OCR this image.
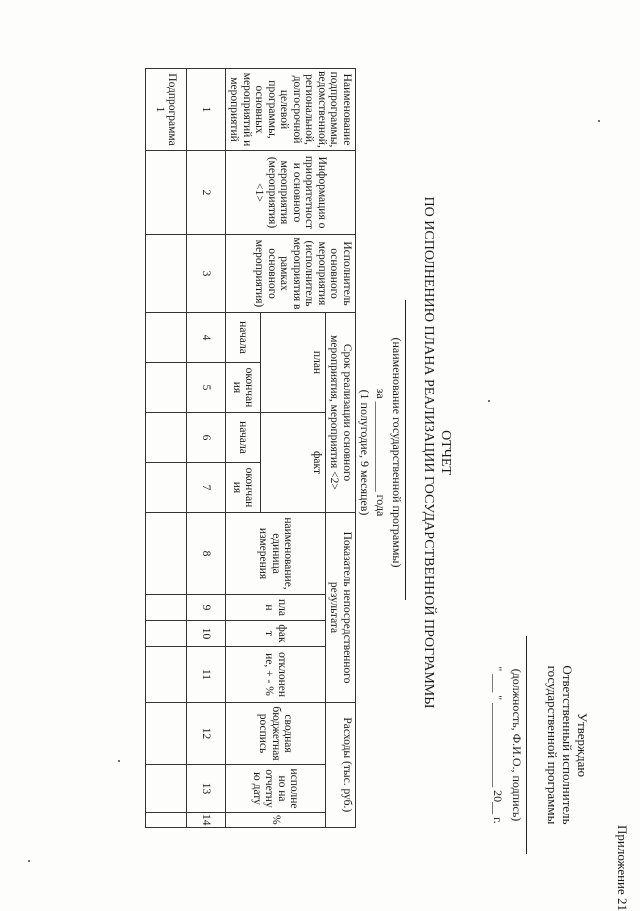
Приложение 21
Утверждаю
Ответственный исполнитель
государственной программы
(должность, Ф.И.О., подпись)
" ___ " ______________ 20__ г.
ОТЧЕТ
ПО ИСПОЛНЕНИЮ ПЛАНА РЕАЛИЗАЦИИ ГОСУДАРСТВЕННОЙ ПРОГРАММЫ
(наименование государственной программы)
за _______________ года
(1 полугодие, 9 месяцев)
Наименование подпрограммы, ведомственной, региональной, долгосрочной целевой программы, основных мероприятий и мероприятий	Информация о приоритетности основного мероприятия (мероприятия) <1>	Исполнитель основного мероприятия (исполнитель мероприятия в рамках основного мероприятия)	Срок реализации основного мероприятия, мероприятия <2>				Показатель непосредственного результата				Расходы (тыс. руб.)		
			план		факт		наименование, единица измерения	план	факт	отклонение, + - %	сводная бюджетная роспись	исполнено на отчетную дату	%
			начала	окончания	начала	окончания							
1	2	3	4	5	6	7	8	9	10	11	12	13	14
Подпрограмма 1													
